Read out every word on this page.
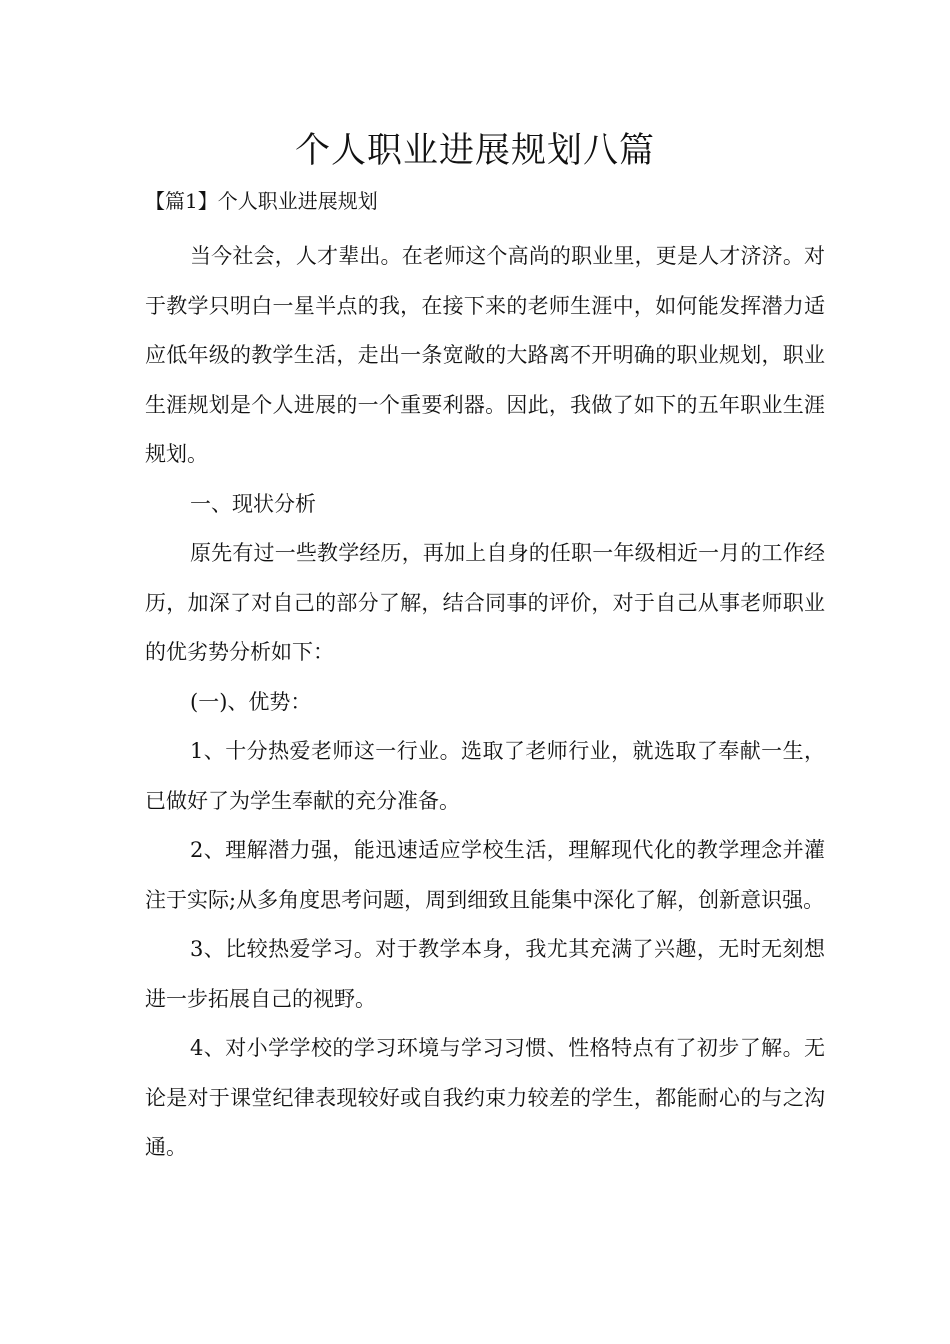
个人职业进展规划八篇
【篇1】个人职业进展规划

当今社会，人才辈出。在老师这个高尚的职业里，更是人才济济。对于教学只明白一星半点的我，在接下来的老师生涯中，如何能发挥潜力适应低年级的教学生活，走出一条宽敞的大路离不开明确的职业规划，职业生涯规划是个人进展的一个重要利器。因此，我做了如下的五年职业生涯规划。

一、现状分析

原先有过一些教学经历，再加上自身的任职一年级相近一月的工作经历，加深了对自己的部分了解，结合同事的评价，对于自己从事老师职业的优劣势分析如下：

(一)、优势：

1、十分热爱老师这一行业。选取了老师行业，就选取了奉献一生，已做好了为学生奉献的充分准备。

2、理解潜力强，能迅速适应学校生活，理解现代化的教学理念并灌注于实际;从多角度思考问题，周到细致且能集中深化了解，创新意识强。

3、比较热爱学习。对于教学本身，我尤其充满了兴趣，无时无刻想进一步拓展自己的视野。

4、对小学学校的学习环境与学习习惯、性格特点有了初步了解。无论是对于课堂纪律表现较好或自我约束力较差的学生，都能耐心的与之沟通。
